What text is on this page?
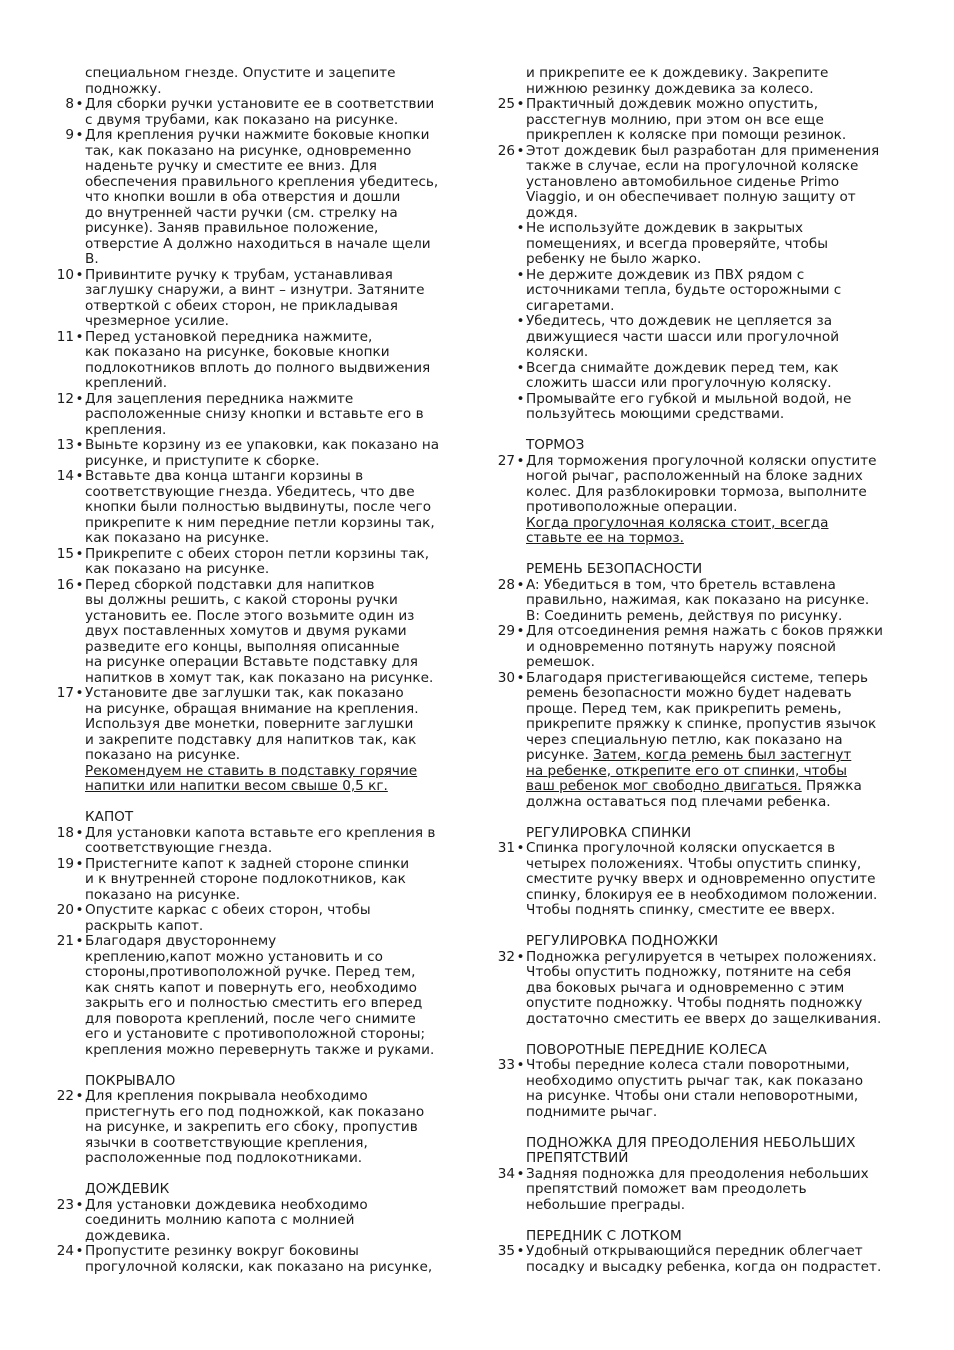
специальном гнезде. Опустите и зацепите
подножку.
8 • Для сборки ручки установите ее в соответствии
с двумя трубами, как показано на рисунке.
9 • Для крепления ручки нажмите боковые кнопки
так, как показано на рисунке, одновременно
наденьте ручку и сместите ее вниз. Для
обеспечения правильного крепления убедитесь,
что кнопки вошли в оба отверстия и дошли
до внутренней части ручки (см. стрелку на
рисунке). Заняв правильное положение,
отверстие А должно находиться в начале щели
В.
10 • Привинтите ручку к трубам, устанавливая
заглушку снаружи, а винт – изнутри. Затяните
отверткой с обеих сторон, не прикладывая
чрезмерное усилие.
11 • Перед установкой передника нажмите,
как показано на рисунке, боковые кнопки
подлокотников вплоть до полного выдвижения
креплений.
12 • Для зацепления передника нажмите
расположенные снизу кнопки и вставьте его в
крепления.
13 • Выньте корзину из ее упаковки, как показано на
рисунке, и приступите к сборке.
14 • Вставьте два конца штанги корзины в
соответствующие гнезда. Убедитесь, что две
кнопки были полностью выдвинуты, после чего
прикрепите к ним передние петли корзины так,
как показано на рисунке.
15 • Прикрепите с обеих сторон петли корзины так,
как показано на рисунке.
16 • Перед сборкой подставки для напитков
вы должны решить, с какой стороны ручки
установить ее. После этого возьмите один из
двух поставленных хомутов и двумя руками
разведите его концы, выполняя описанные
на рисунке операции Вставьте подставку для
напитков в хомут так, как показано на рисунке.
17 • Установите две заглушки так, как показано
на рисунке, обращая внимание на крепления.
Используя две монетки, поверните заглушки
и закрепите подставку для напитков так, как
показано на рисунке.
Рекомендуем не ставить в подставку горячие
напитки или напитки весом свыше 0,5 кг.
КАПОТ
18 • Для установки капота вставьте его крепления в
соответствующие гнезда.
19 • Пристегните капот к задней стороне спинки
и к внутренней стороне подлокотников, как
показано на рисунке.
20 • Опустите каркас с обеих сторон, чтобы
раскрыть капот.
21 • Благодаря двустороннему
креплению,капот можно установить и со
стороны,противоположной ручке. Перед тем,
как снять капот и повернуть его, необходимо
закрыть его и полностью сместить его вперед
для поворота креплений, после чего снимите
его и установите с противоположной стороны;
крепления можно перевернуть также и руками.
ПОКРЫВАЛО
22 • Для крепления покрывала необходимо
пристегнуть его под подножкой, как показано
на рисунке, и закрепить его сбоку, пропустив
язычки в соответствующие крепления,
расположенные под подлокотниками.
ДОЖДЕВИК
23 • Для установки дождевика необходимо
соединить молнию капота с молнией
дождевика.
24 • Пропустите резинку вокруг боковины
прогулочной коляски, как показано на рисунке,
и прикрепите ее к дождевику. Закрепите
нижнюю резинку дождевика за колесо.
25 • Практичный дождевик можно опустить,
расстегнув молнию, при этом он все еще
прикреплен к коляске при помощи резинок.
26 • Этот дождевик был разработан для применения
также в случае, если на прогулочной коляске
установлено автомобильное сиденье Primo
Viaggio, и он обеспечивает полную защиту от
дождя.
• Не используйте дождевик в закрытых
помещениях, и всегда проверяйте, чтобы
ребенку не было жарко.
• Не держите дождевик из ПВХ рядом с
источниками тепла, будьте осторожными с
сигаретами.
• Убедитесь, что дождевик не цепляется за
движущиеся части шасси или прогулочной
коляски.
• Всегда снимайте дождевик перед тем, как
сложить шасси или прогулочную коляску.
• Промывайте его губкой и мыльной водой, не
пользуйтесь моющими средствами.
ТОРМОЗ
27 • Для торможения прогулочной коляски опустите
ногой рычаг, расположенный на блоке задних
колес. Для разблокировки тормоза, выполните
противоположные операции.
Когда прогулочная коляска стоит, всегда
ставьте ее на тормоз.
РЕМЕНЬ БЕЗОПАСНОСТИ
28 • A: Убедиться в том, что бретель вставлена
правильно, нажимая, как показано на рисунке.
B: Соединить ремень, действуя по рисунку.
29 • Для отсоединения ремня нажать с боков пряжки
и одновременно потянуть наружу поясной
ремешок.
30 • Благодаря пристегивающейся системе, теперь
ремень безопасности можно будет надевать
проще. Перед тем, как прикрепить ремень,
прикрепите пряжку к спинке, пропустив язычок
через специальную петлю, как показано на
рисунке. Затем, когда ремень был застегнут
на ребенке, открепите его от спинки, чтобы
ваш ребенок мог свободно двигаться. Пряжка
должна оставаться под плечами ребенка.
РЕГУЛИРОВКА СПИНКИ
31 • Спинка прогулочной коляски опускается в
четырех положениях. Чтобы опустить спинку,
сместите ручку вверх и одновременно опустите
спинку, блокируя ее в необходимом положении.
Чтобы поднять спинку, сместите ее вверх.
РЕГУЛИРОВКА ПОДНОЖКИ
32 • Подножка регулируется в четырех положениях.
Чтобы опустить подножку, потяните на себя
два боковых рычага и одновременно с этим
опустите подножку. Чтобы поднять подножку
достаточно сместить ее вверх до защелкивания.
ПОВОРОТНЫЕ ПЕРЕДНИЕ КОЛЕСА
33 • Чтобы передние колеса стали поворотными,
необходимо опустить рычаг так, как показано
на рисунке. Чтобы они стали неповоротными,
поднимите рычаг.
ПОДНОЖКА ДЛЯ ПРЕОДОЛЕНИЯ НЕБОЛЬШИХ
ПРЕПЯТСТВИЙ
34 • Задняя подножка для преодоления небольших
препятствий поможет вам преодолеть
небольшие преграды.
ПЕРЕДНИК С ЛОТКОМ
35 • Удобный открывающийся передник облегчает
посадку и высадку ребенка, когда он подрастет.
